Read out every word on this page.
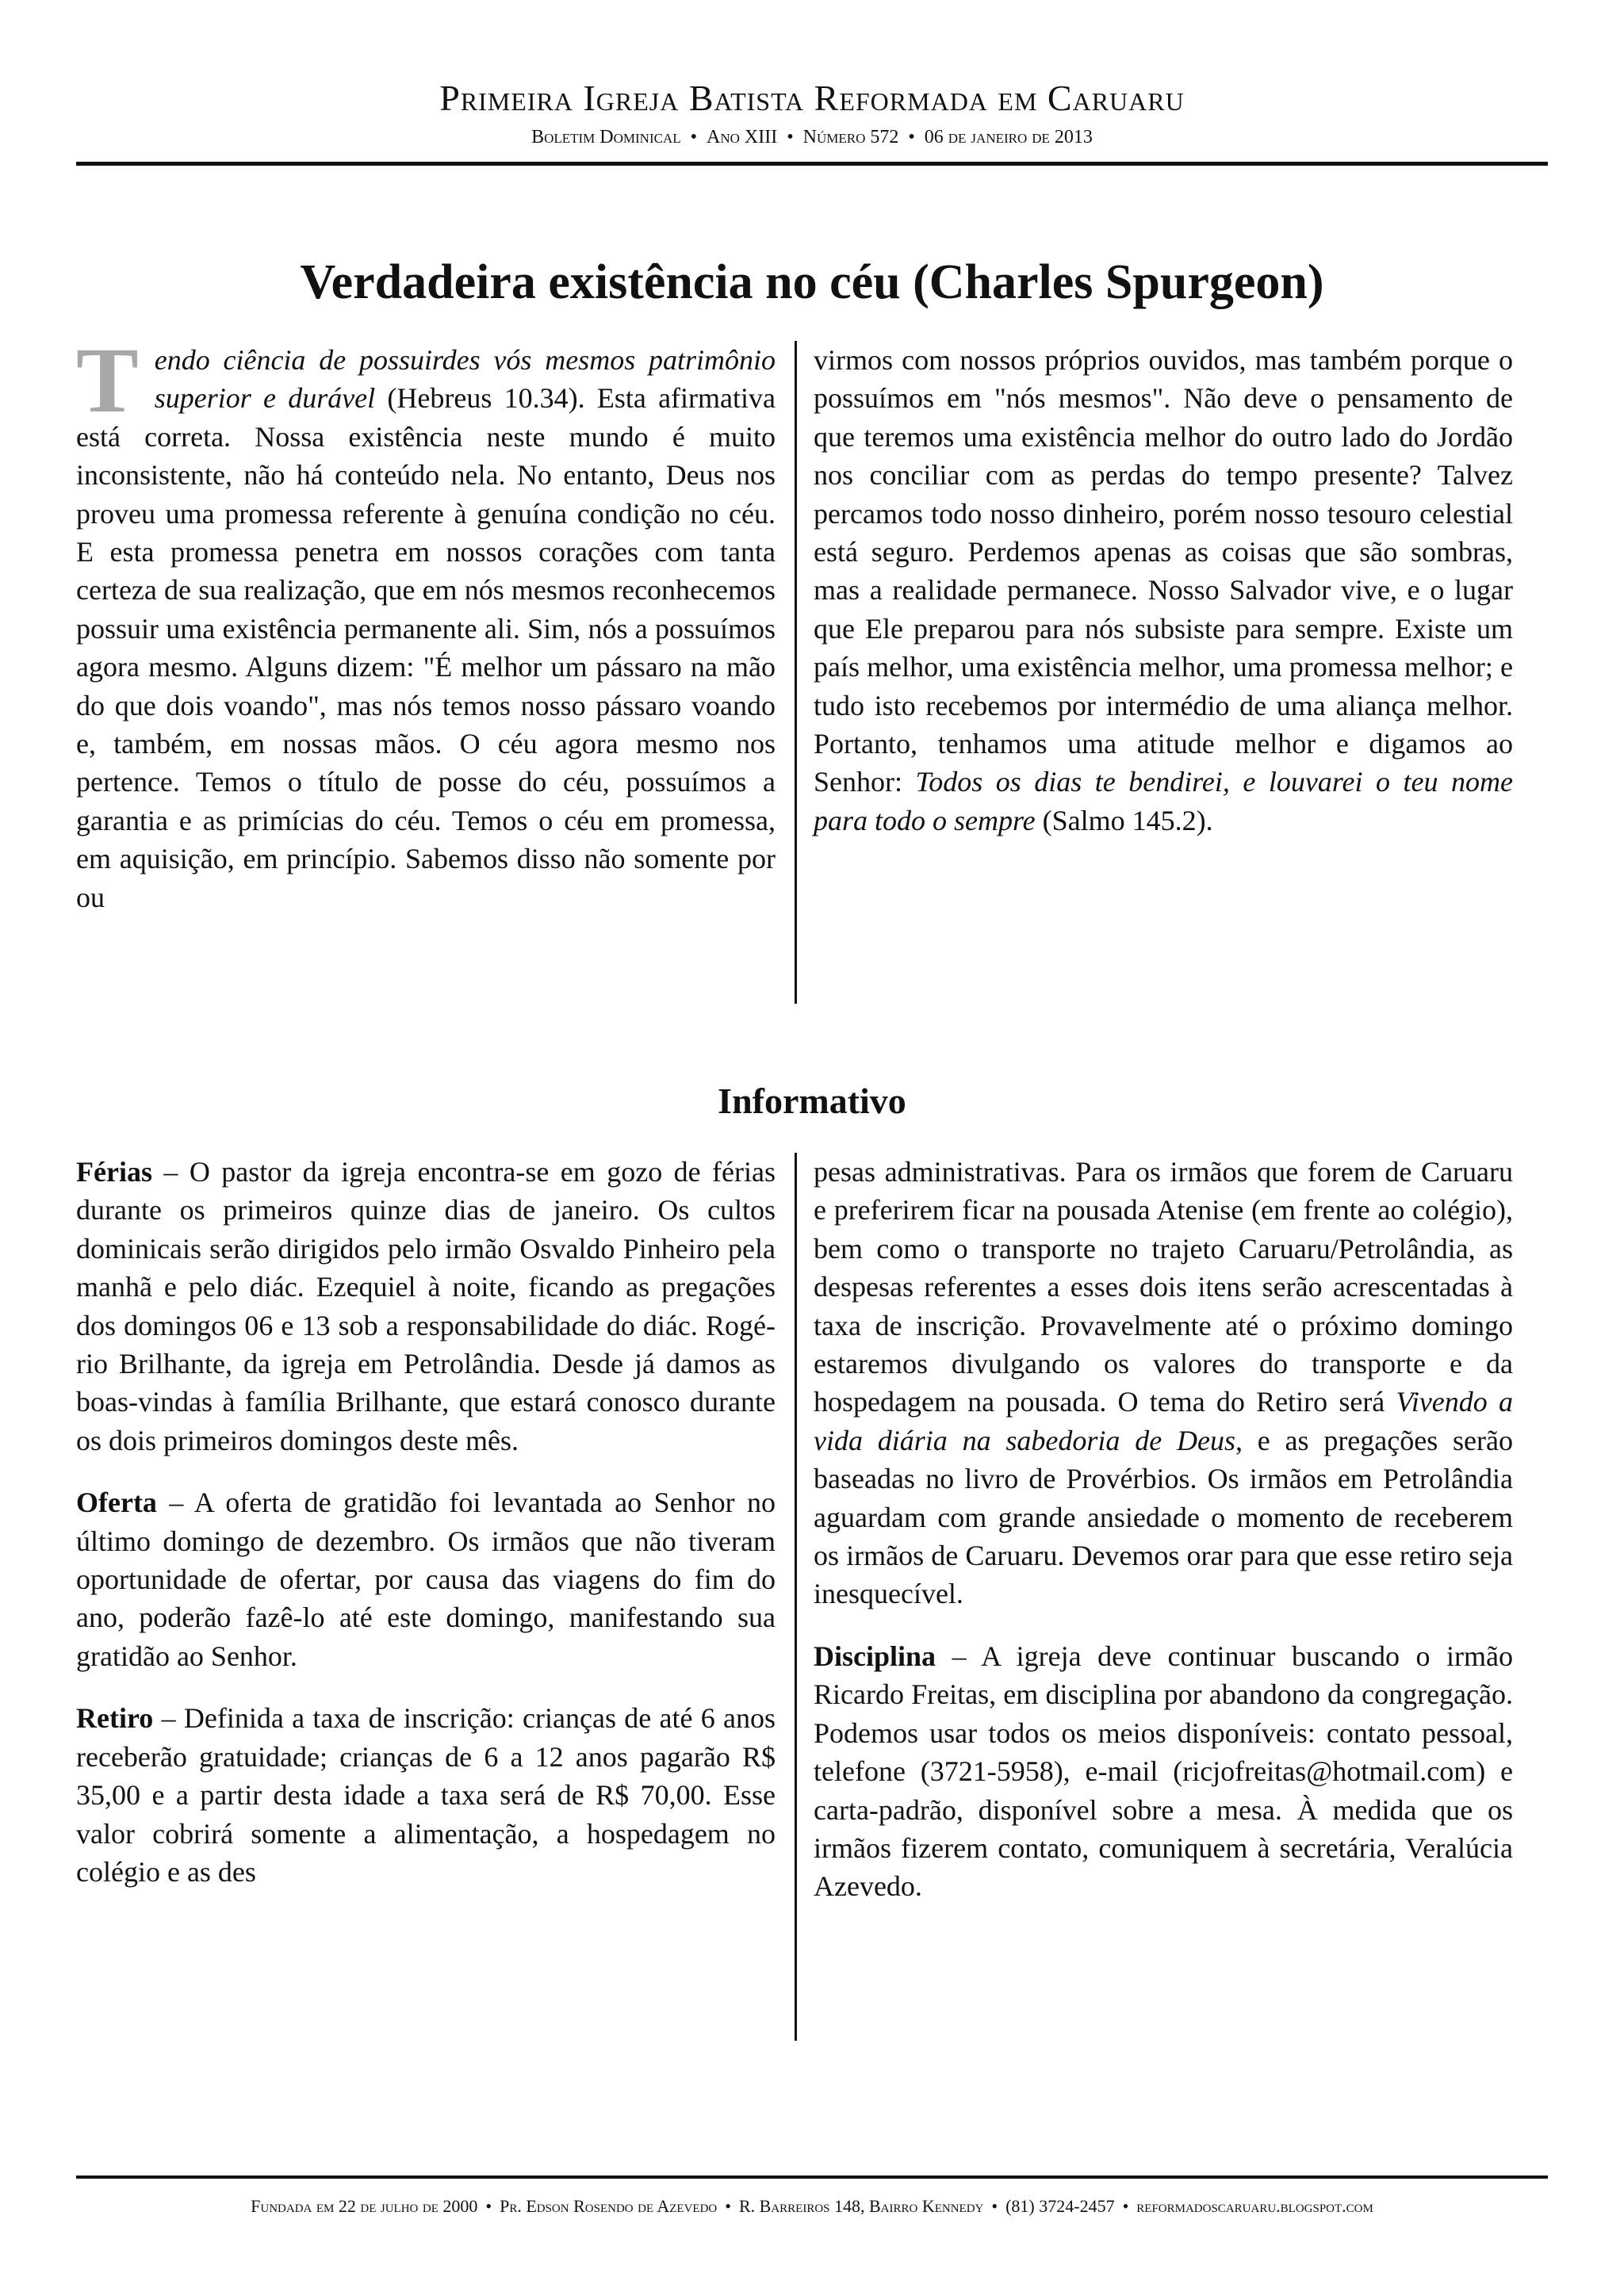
Primeira Igreja Batista Reformada em Caruaru
Boletim Dominical • Ano XIII • Número 572 • 06 de janeiro de 2013
Verdadeira existência no céu (Charles Spurgeon)

Tendo ciência de possuirdes vós mesmos patrimônio superior e durável (Hebreus 10.34). Esta afirmativa está correta. Nossa existência neste mundo é muito inconsistente, não há conteúdo nela. No entanto, Deus nos proveu uma promessa referente à genuína condição no céu. E esta promessa penetra em nossos corações com tanta certeza de sua realização, que em nós mesmos reconhecemos possuir uma existência permanente ali. Sim, nós a possuímos agora mesmo. Alguns dizem: "É melhor um pássaro na mão do que dois voando", mas nós temos nosso pássaro voando e, também, em nossas mãos. O céu agora mesmo nos pertence. Temos o título de posse do céu, possuímos a garantia e as primícias do céu. Temos o céu em promessa, em aquisição, em princípio. Sabemos disso não somente por ou

virmos com nossos próprios ouvidos, mas também porque o possuímos em "nós mesmos". Não deve o pensamento de que teremos uma existência melhor do outro lado do Jordão nos conciliar com as perdas do tempo presente? Talvez percamos todo nosso dinheiro, porém nosso tesouro celestial está seguro. Perdemos apenas as coisas que são sombras, mas a realidade permanece. Nosso Salvador vive, e o lugar que Ele preparou para nós subsiste para sempre. Existe um país melhor, uma existência melhor, uma promessa melhor; e tudo isto recebemos por intermédio de uma aliança melhor. Portanto, tenhamos uma atitude melhor e digamos ao Senhor: Todos os dias te bendirei, e louvarei o teu nome para todo o sempre (Salmo 145.2).

Informativo

Férias – O pastor da igreja encontra-se em gozo de férias durante os primeiros quinze dias de janeiro. Os cultos dominicais serão dirigidos pelo irmão Osvaldo Pinheiro pela manhã e pelo diác. Ezequiel à noite, ficando as pregações dos domingos 06 e 13 sob a responsabilidade do diác. Rogério Brilhante, da igreja em Petrolândia. Desde já damos as boas-vindas à família Brilhante, que estará conosco durante os dois primeiros domingos deste mês.

Oferta – A oferta de gratidão foi levantada ao Senhor no último domingo de dezembro. Os irmãos que não tiveram oportunidade de ofertar, por causa das viagens do fim do ano, poderão fazê-lo até este domingo, manifestando sua gratidão ao Senhor.

Retiro – Definida a taxa de inscrição: crianças de até 6 anos receberão gratuidade; crianças de 6 a 12 anos pagarão R$ 35,00 e a partir desta idade a taxa será de R$ 70,00. Esse valor cobrirá somente a alimentação, a hospedagem no colégio e as des

pesas administrativas. Para os irmãos que forem de Caruaru e preferirem ficar na pousada Atenise (em frente ao colégio), bem como o transporte no trajeto Caruaru/Petrolândia, as despesas referentes a esses dois itens serão acrescentadas à taxa de inscrição. Provavelmente até o próximo domingo estaremos divulgando os valores do transporte e da hospedagem na pousada. O tema do Retiro será Vivendo a vida diária na sabedoria de Deus, e as pregações serão baseadas no livro de Provérbios. Os irmãos em Petrolândia aguardam com grande ansiedade o momento de receberem os irmãos de Caruaru. Devemos orar para que esse retiro seja inesquecível.

Disciplina – A igreja deve continuar buscando o irmão Ricardo Freitas, em disciplina por abandono da congregação. Podemos usar todos os meios disponíveis: contato pessoal, telefone (3721-5958), e-mail (ricjofreitas@hotmail.com) e carta-padrão, disponível sobre a mesa. À medida que os irmãos fizerem contato, comuniquem à secretária, Veralúcia Azevedo.

Fundada em 22 de julho de 2000 • Pr. Edson Rosendo de Azevedo • R. Barreiros 148, Bairro Kennedy • (81) 3724-2457 • reformadoscaruaru.blogspot.com
